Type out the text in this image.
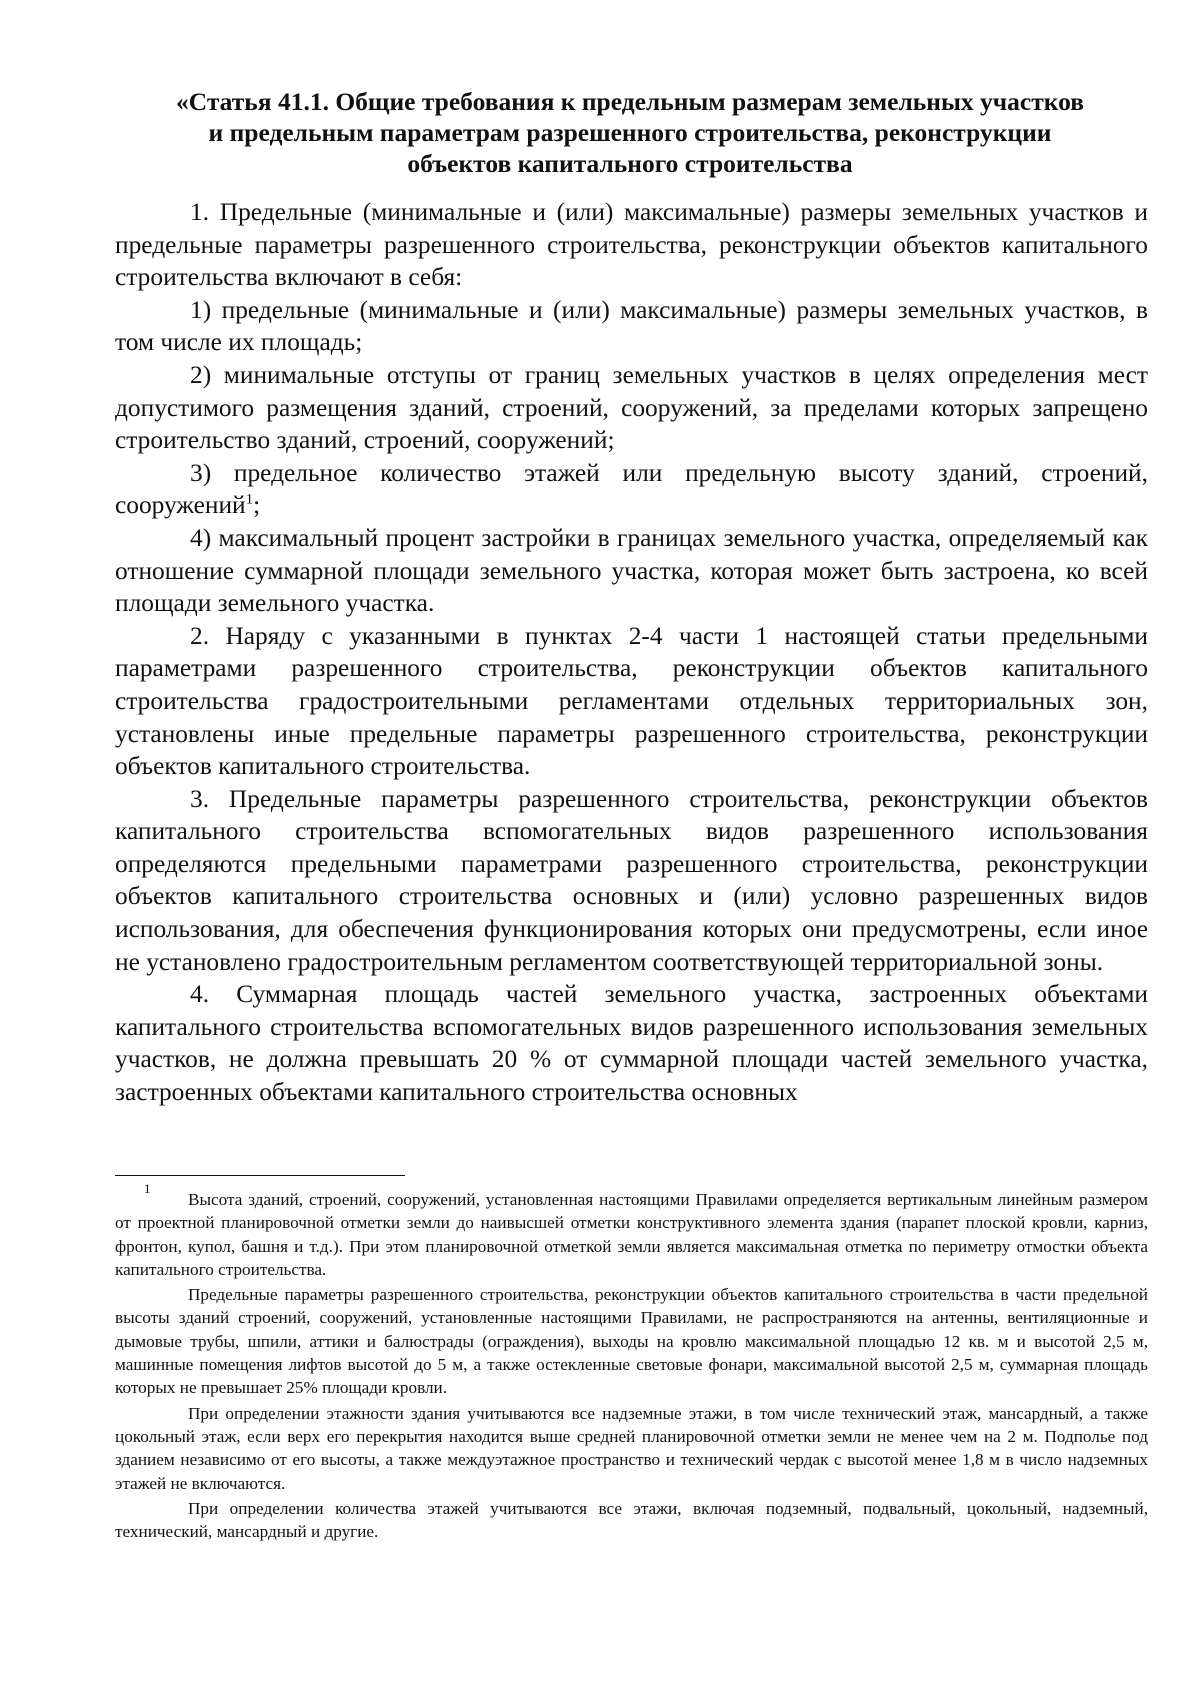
«Статья 41.1. Общие требования к предельным размерам земельных участков
и предельным параметрам разрешенного строительства, реконструкции
объектов капитального строительства

1. Предельные (минимальные и (или) максимальные) размеры земельных участков и предельные параметры разрешенного строительства, реконструкции объектов капитального строительства включают в себя:

1) предельные (минимальные и (или) максимальные) размеры земельных участков, в том числе их площадь;

2) минимальные отступы от границ земельных участков в целях определения мест допустимого размещения зданий, строений, сооружений, за пределами которых запрещено строительство зданий, строений, сооружений;

3) предельное количество этажей или предельную высоту зданий, строений, сооружений$^1$;

4) максимальный процент застройки в границах земельного участка, определяемый как отношение суммарной площади земельного участка, которая может быть застроена, ко всей площади земельного участка.

2. Наряду с указанными в пунктах 2-4 части 1 настоящей статьи предельными параметрами разрешенного строительства, реконструкции объектов капитального строительства градостроительными регламентами отдельных территориальных зон, установлены иные предельные параметры разрешенного строительства, реконструкции объектов капитального строительства.

3. Предельные параметры разрешенного строительства, реконструкции объектов капитального строительства вспомогательных видов разрешенного использования определяются предельными параметрами разрешенного строительства, реконструкции объектов капитального строительства основных и (или) условно разрешенных видов использования, для обеспечения функционирования которых они предусмотрены, если иное не установлено градостроительным регламентом соответствующей территориальной зоны.

4. Суммарная площадь частей земельного участка, застроенных объектами капитального строительства вспомогательных видов разрешенного использования земельных участков, не должна превышать 20 % от суммарной площади частей земельного участка, застроенных объектами капитального строительства основных

1
Высота зданий, строений, сооружений, установленная настоящими Правилами определяется вертикальным линейным размером от проектной планировочной отметки земли до наивысшей отметки конструктивного элемента здания (парапет плоской кровли, карниз, фронтон, купол, башня и т.д.). При этом планировочной отметкой земли является максимальная отметка по периметру отмостки объекта капитального строительства.

Предельные параметры разрешенного строительства, реконструкции объектов капитального строительства в части предельной высоты зданий строений, сооружений, установленные настоящими Правилами, не распространяются на антенны, вентиляционные и дымовые трубы, шпили, аттики и балюстрады (ограждения), выходы на кровлю максимальной площадью 12 кв. м и высотой 2,5 м, машинные помещения лифтов высотой до 5 м, а также остекленные световые фонари, максимальной высотой 2,5 м, суммарная площадь которых не превышает 25% площади кровли.

При определении этажности здания учитываются все надземные этажи, в том числе технический этаж, мансардный, а также цокольный этаж, если верх его перекрытия находится выше средней планировочной отметки земли не менее чем на 2 м. Подполье под зданием независимо от его высоты, а также междуэтажное пространство и технический чердак с высотой менее 1,8 м в число надземных этажей не включаются.

При определении количества этажей учитываются все этажи, включая подземный, подвальный, цокольный, надземный, технический, мансардный и другие.
